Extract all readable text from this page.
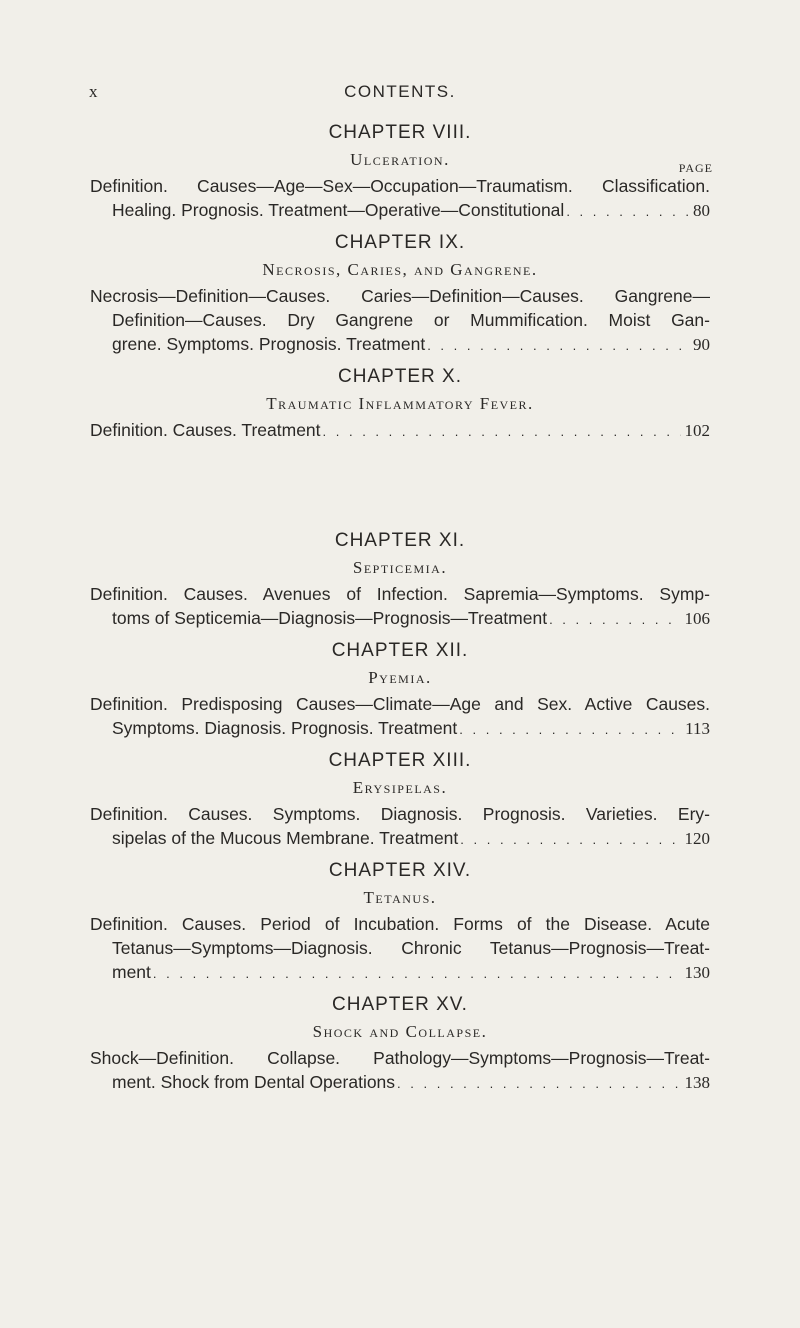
x	CONTENTS.
CHAPTER VIII.
Ulceration.	PAGE
Definition. Causes—Age—Sex—Occupation—Traumatism. Classification.
Healing. Prognosis. Treatment—Operative—Constitutional . . .	80
CHAPTER IX.
Necrosis, Caries, and Gangrene.
Necrosis—Definition—Causes. Caries—Definition—Causes. Gangrene—
Definition—Causes. Dry Gangrene or Mummification. Moist Gan-
grene. Symptoms. Prognosis. Treatment . . .	90
CHAPTER X.
Traumatic Inflammatory Fever.
Definition. Causes. Treatment . . .	102
CHAPTER XI.
Septicemia.
Definition. Causes. Avenues of Infection. Sapremia—Symptoms. Symp-
toms of Septicemia—Diagnosis—Prognosis—Treatment . . .	106
CHAPTER XII.
Pyemia.
Definition. Predisposing Causes—Climate—Age and Sex. Active Causes.
Symptoms. Diagnosis. Prognosis. Treatment . . .	113
CHAPTER XIII.
Erysipelas.
Definition. Causes. Symptoms. Diagnosis. Prognosis. Varieties. Ery-
sipelas of the Mucous Membrane. Treatment . . .	120
CHAPTER XIV.
Tetanus.
Definition. Causes. Period of Incubation. Forms of the Disease. Acute
Tetanus—Symptoms—Diagnosis. Chronic Tetanus—Prognosis—Treat-
ment . . .	130
CHAPTER XV.
Shock and Collapse.
Shock—Definition. Collapse. Pathology—Symptoms—Prognosis—Treat-
ment. Shock from Dental Operations . . .	138
